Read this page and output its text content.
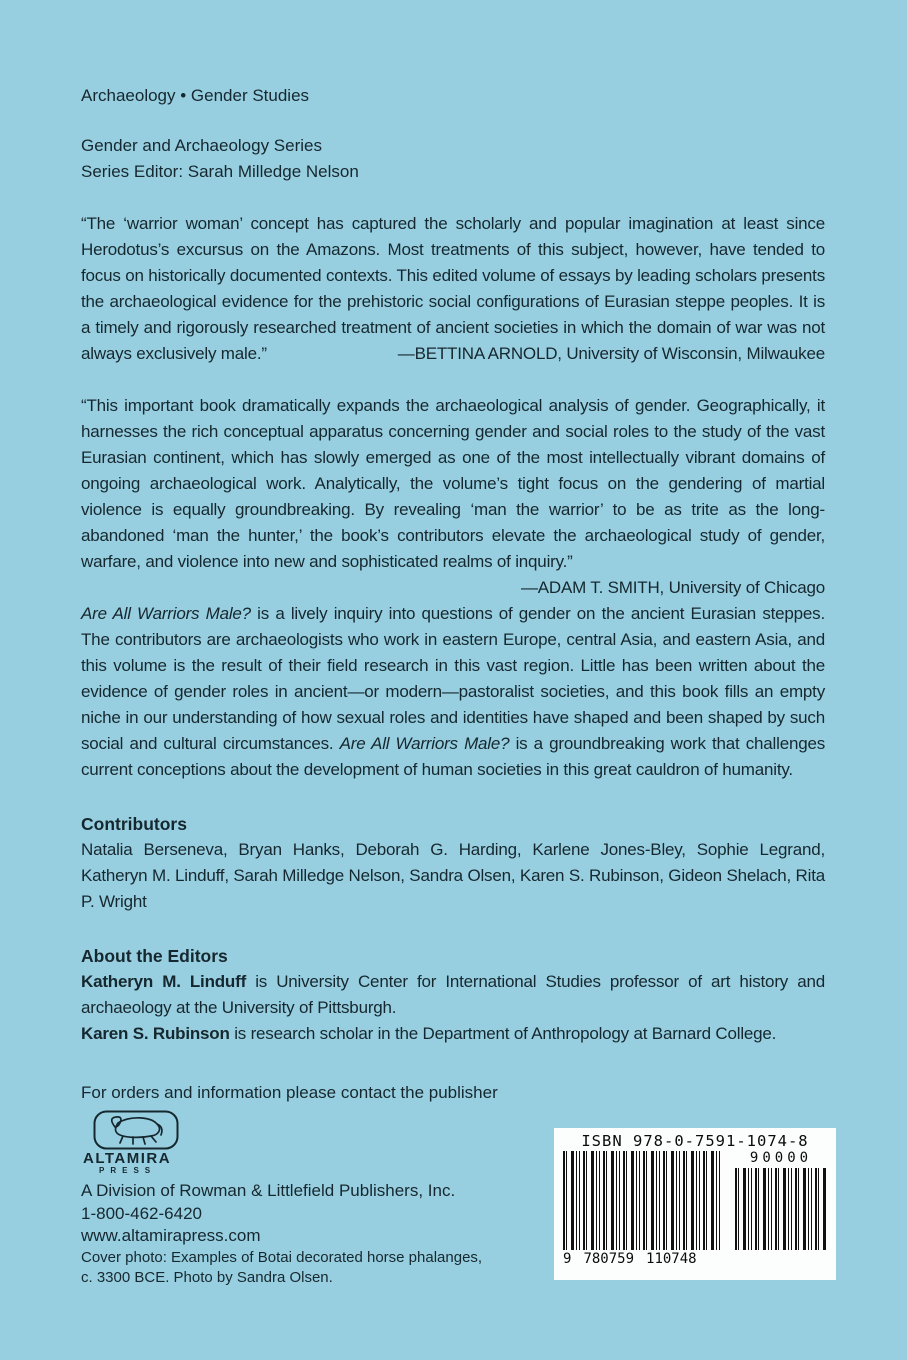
Archaeology • Gender Studies

Gender and Archaeology Series

Series Editor: Sarah Milledge Nelson

“The ‘warrior woman’ concept has captured the scholarly and popular imagination at least since Herodotus’s excursus on the Amazons. Most treatments of this subject, however, have tended to focus on historically documented contexts. This edited volume of essays by leading scholars presents the archaeological evidence for the prehistoric social configurations of Eurasian steppe peoples. It is a timely and rigorously researched treatment of ancient societies in which the domain of war was not always exclusively male.”	—BETTINA ARNOLD, University of Wisconsin, Milwaukee

“This important book dramatically expands the archaeological analysis of gender. Geographically, it harnesses the rich conceptual apparatus concerning gender and social roles to the study of the vast Eurasian continent, which has slowly emerged as one of the most intellectually vibrant domains of ongoing archaeological work. Analytically, the volume’s tight focus on the gendering of martial violence is equally groundbreaking. By revealing ‘man the warrior’ to be as trite as the long-abandoned ‘man the hunter,’ the book’s contributors elevate the archaeological study of gender, warfare, and violence into new and sophisticated realms of inquiry.”
—ADAM T. SMITH, University of Chicago

Are All Warriors Male? is a lively inquiry into questions of gender on the ancient Eurasian steppes. The contributors are archaeologists who work in eastern Europe, central Asia, and eastern Asia, and this volume is the result of their field research in this vast region. Little has been written about the evidence of gender roles in ancient—or modern—pastoralist societies, and this book fills an empty niche in our understanding of how sexual roles and identities have shaped and been shaped by such social and cultural circumstances. Are All Warriors Male? is a groundbreaking work that challenges current conceptions about the development of human societies in this great cauldron of humanity.

Contributors

Natalia Berseneva, Bryan Hanks, Deborah G. Harding, Karlene Jones-Bley, Sophie Legrand, Katheryn M. Linduff, Sarah Milledge Nelson, Sandra Olsen, Karen S. Rubinson, Gideon Shelach, Rita P. Wright

About the Editors

Katheryn M. Linduff is University Center for International Studies professor of art history and archaeology at the University of Pittsburgh.

Karen S. Rubinson is research scholar in the Department of Anthropology at Barnard College.

For orders and information please contact the publisher

ALTAMIRA
PRESS

A Division of Rowman & Littlefield Publishers, Inc.

1-800-462-6420

www.altamirapress.com

Cover photo: Examples of Botai decorated horse phalanges,

c. 3300 BCE. Photo by Sandra Olsen.

ISBN 978-0-7591-1074-8
9 780759 110748
90000
